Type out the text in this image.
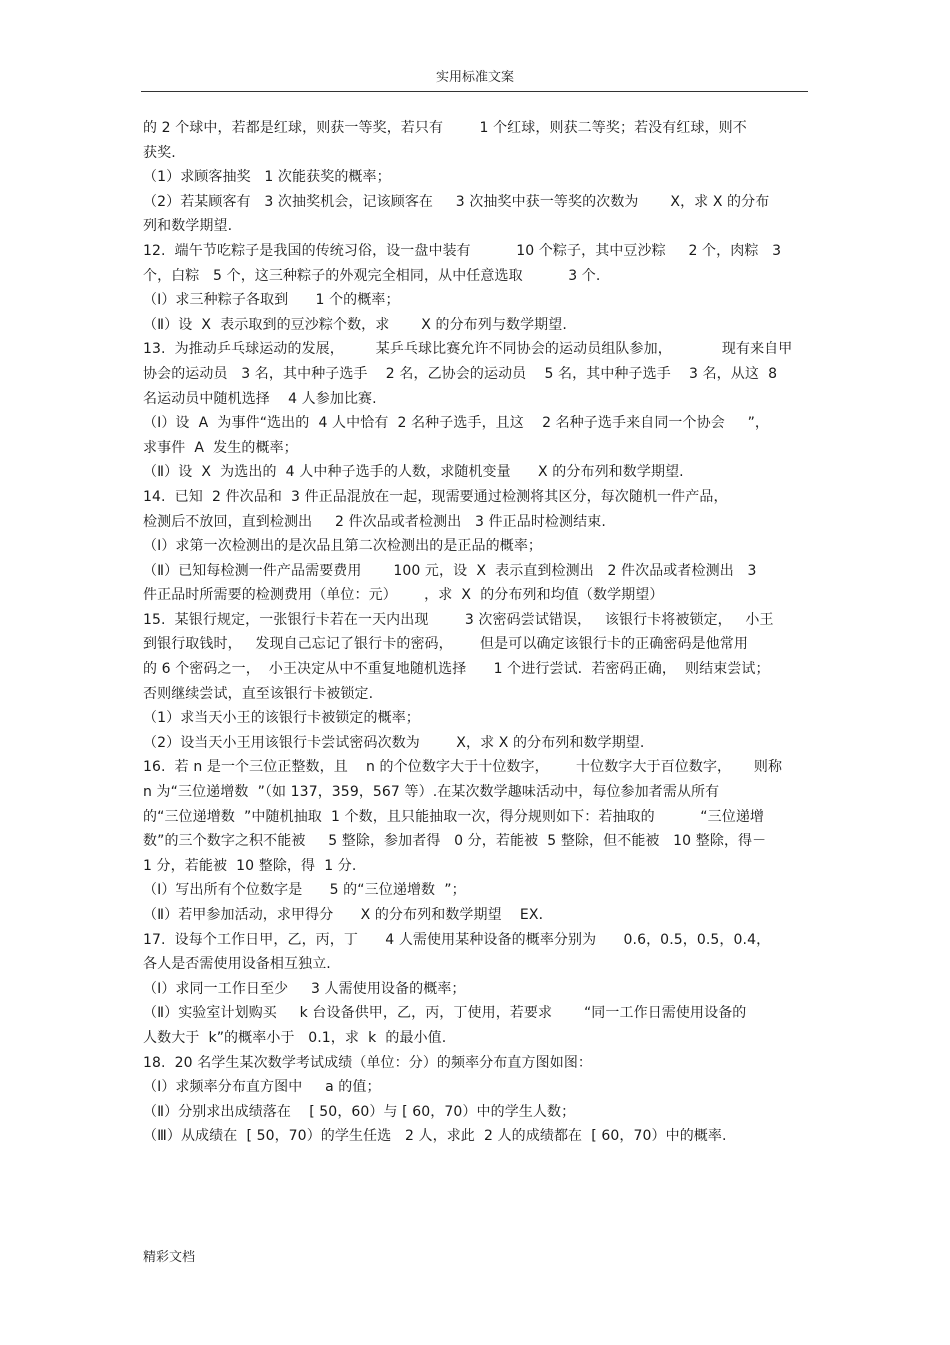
实用标准文案
的 2 个球中，若都是红球，则获一等奖，若只有        1 个红球，则获二等奖；若没有红球，则不
获奖.
（1）求顾客抽奖   1 次能获奖的概率；
（2）若某顾客有   3 次抽奖机会，记该顾客在     3 次抽奖中获一等奖的次数为       X，求 X 的分布
列和数学期望.
12.  端午节吃粽子是我国的传统习俗，设一盘中装有          10 个粽子，其中豆沙粽     2 个，肉粽   3
个，白粽   5 个，这三种粽子的外观完全相同，从中任意选取          3 个.
（Ⅰ）求三种粽子各取到      1 个的概率；
（Ⅱ）设  X  表示取到的豆沙粽个数，求       X 的分布列与数学期望.
13.  为推动乒乓球运动的发展，       某乒乓球比赛允许不同协会的运动员组队参加，           现有来自甲
协会的运动员   3 名，其中种子选手    2 名，乙协会的运动员    5 名，其中种子选手    3 名，从这  8
名运动员中随机选择    4 人参加比赛.
（Ⅰ）设  A  为事件“选出的  4 人中恰有  2 名种子选手，且这    2 名种子选手来自同一个协会     ”，
求事件  A  发生的概率；
（Ⅱ）设  X  为选出的  4 人中种子选手的人数，求随机变量      X 的分布列和数学期望.
14.  已知  2 件次品和  3 件正品混放在一起，现需要通过检测将其区分，每次随机一件产品，
检测后不放回，直到检测出     2 件次品或者检测出   3 件正品时检测结束.
（Ⅰ）求第一次检测出的是次品且第二次检测出的是正品的概率；
（Ⅱ）已知每检测一件产品需要费用       100 元，设  X  表示直到检测出   2 件次品或者检测出   3
件正品时所需要的检测费用（单位：元）      ，求  X  的分布列和均值（数学期望）
15.  某银行规定，一张银行卡若在一天内出现        3 次密码尝试错误，   该银行卡将被锁定，   小王
到银行取钱时，   发现自己忘记了银行卡的密码，      但是可以确定该银行卡的正确密码是他常用
的 6 个密码之一，  小王决定从中不重复地随机选择      1 个进行尝试.  若密码正确，  则结束尝试；
否则继续尝试，直至该银行卡被锁定.
（1）求当天小王的该银行卡被锁定的概率；
（2）设当天小王用该银行卡尝试密码次数为        X，求 X 的分布列和数学期望.
16.  若 n 是一个三位正整数，且    n 的个位数字大于十位数字，      十位数字大于百位数字，     则称
n 为“三位递增数  ”（如 137，359，567 等）.在某次数学趣味活动中，每位参加者需从所有
的“三位递增数  ”中随机抽取  1 个数，且只能抽取一次，得分规则如下：若抽取的          “三位递增
数”的三个数字之积不能被     5 整除，参加者得   0 分，若能被  5 整除，但不能被   10 整除，得－
1 分，若能被  10 整除，得  1 分.
（Ⅰ）写出所有个位数字是      5 的“三位递增数  ”；
（Ⅱ）若甲参加活动，求甲得分      X 的分布列和数学期望    EX．
17.  设每个工作日甲，乙，丙，丁      4 人需使用某种设备的概率分别为      0.6，0.5，0.5，0.4，
各人是否需使用设备相互独立.
（Ⅰ）求同一工作日至少     3 人需使用设备的概率；
（Ⅱ）实验室计划购买     k 台设备供甲，乙，丙，丁使用，若要求       “同一工作日需使用设备的
人数大于  k”的概率小于   0.1，求  k  的最小值.
18.  20 名学生某次数学考试成绩（单位：分）的频率分布直方图如图：
（Ⅰ）求频率分布直方图中     a 的值；
（Ⅱ）分别求出成绩落在    [ 50，60）与 [ 60，70）中的学生人数；
（Ⅲ）从成绩在  [ 50，70）的学生任选   2 人，求此  2 人的成绩都在  [ 60，70）中的概率.
精彩文档
